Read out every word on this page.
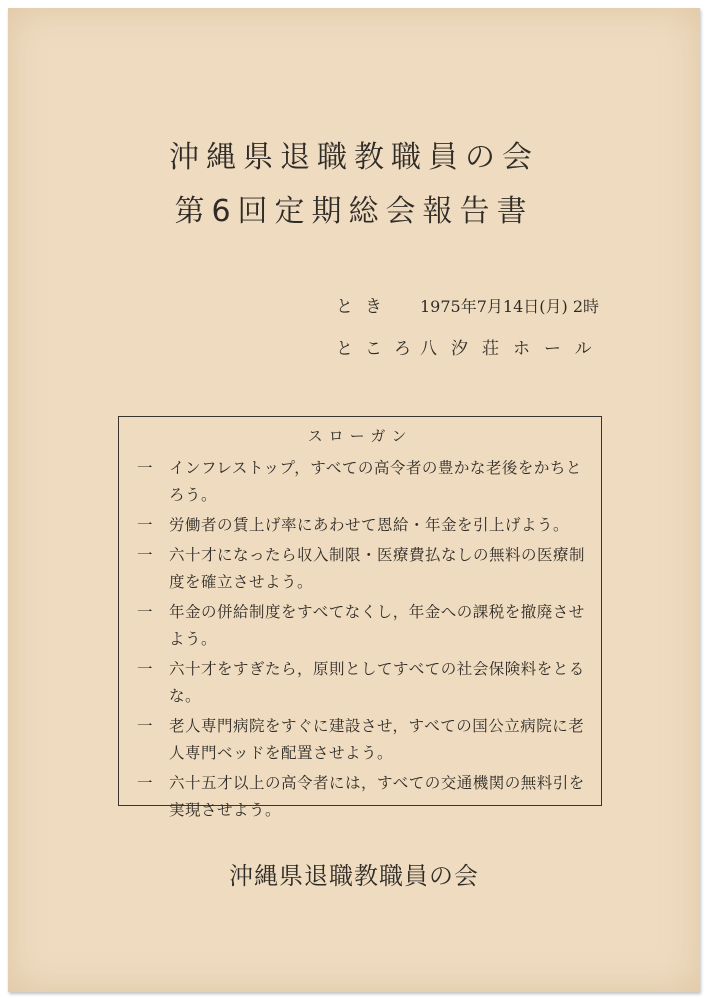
沖縄県退職教職員の会
第6回定期総会報告書
とき 1975年7月14日(月) 2時
ところ八汐荘ホール
スローガン
一	インフレストップ，すべての高令者の豊かな老後をかちとろう。
一	労働者の賃上げ率にあわせて恩給・年金を引上げよう。
一	六十才になったら収入制限・医療費払なしの無料の医療制度を確立させよう。
一	年金の併給制度をすべてなくし，年金への課税を撤廃させよう。
一	六十才をすぎたら，原則としてすべての社会保険料をとるな。
一	老人専門病院をすぐに建設させ，すべての国公立病院に老人専門ベッドを配置させよう。
一	六十五才以上の高令者には，すべての交通機関の無料引を実現させよう。
沖縄県退職教職員の会
